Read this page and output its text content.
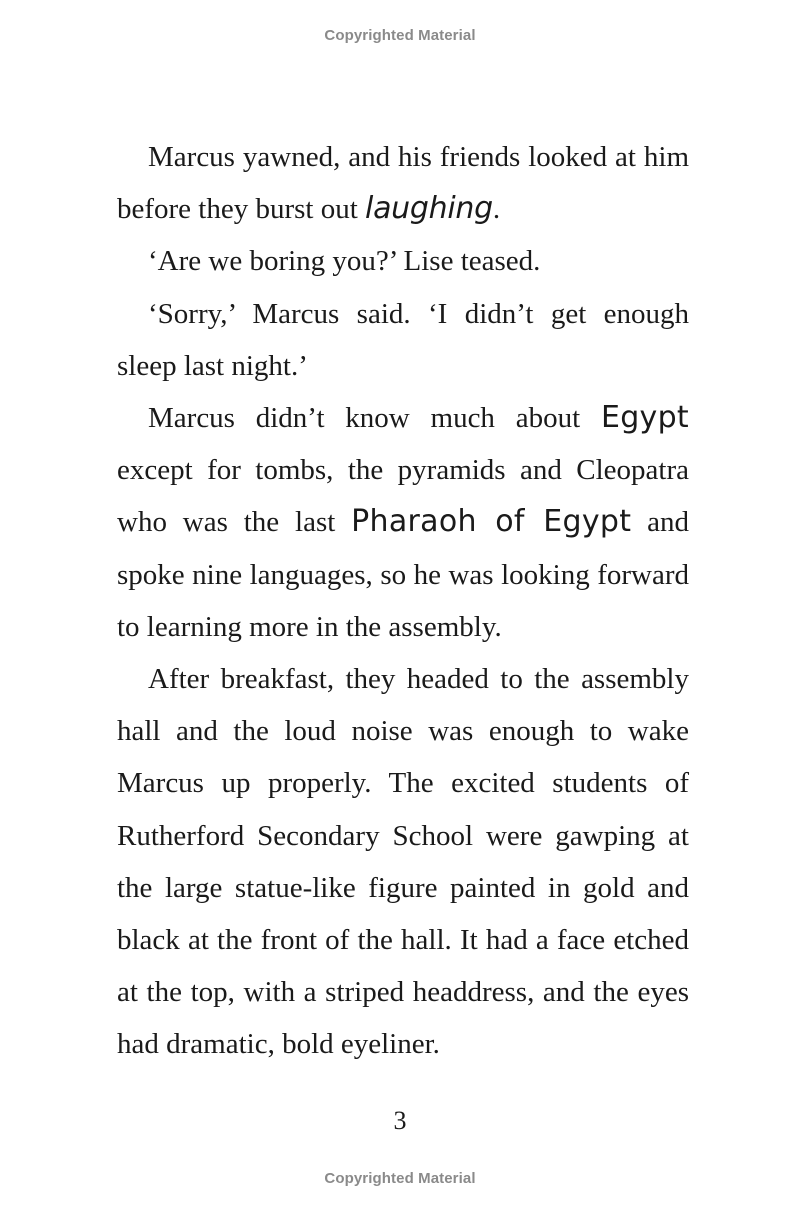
Copyrighted Material

Marcus yawned, and his friends looked at him before they burst out laughing.

‘Are we boring you?’ Lise teased.

‘Sorry,’ Marcus said. ‘I didn’t get enough sleep last night.’

Marcus didn’t know much about Egypt except for tombs, the pyramids and Cleopatra who was the last Pharaoh of Egypt and spoke nine languages, so he was looking forward to learning more in the assembly.

After breakfast, they headed to the assembly hall and the loud noise was enough to wake Marcus up properly. The excited students of Rutherford Secondary School were gawping at the large statue-like figure painted in gold and black at the front of the hall. It had a face etched at the top, with a striped headdress, and the eyes had dramatic, bold eyeliner.

3
Copyrighted Material
